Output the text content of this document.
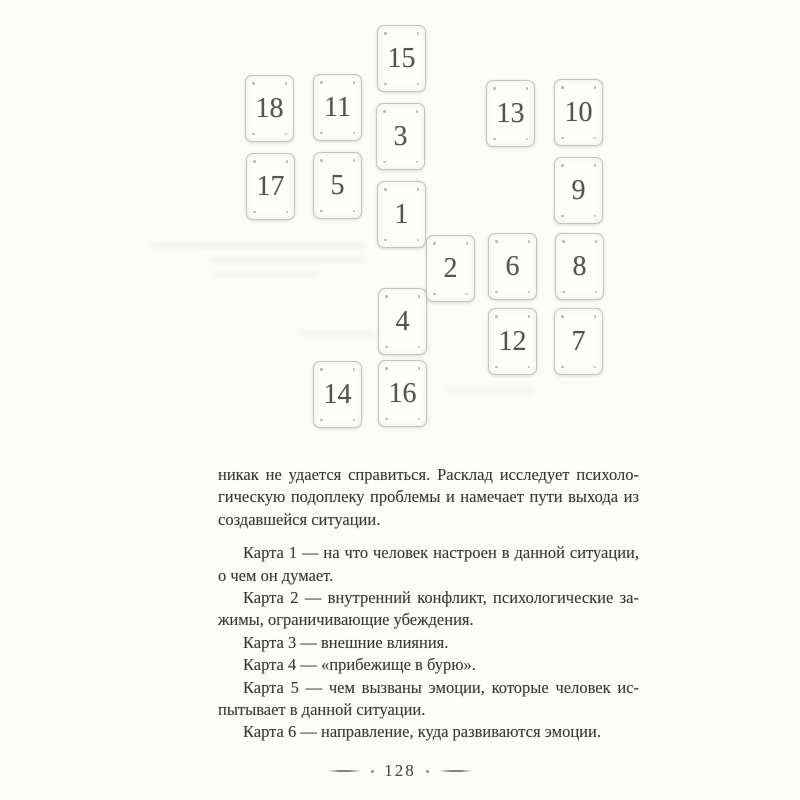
15
18 11	13 10
3
17 5	9
1
4
2 6 8
12 7
14 16
никак не удается справиться. Расклад исследует психоло-
гическую подоплеку проблемы и намечает пути выхода из
создавшейся ситуации.
Карта 1 — на что человек настроен в данной ситуации,
о чем он думает.
Карта 2 — внутренний конфликт, психологические за-
жимы, ограничивающие убеждения.
Карта 3 — внешние влияния.
Карта 4 — «прибежище в бурю».
Карта 5 — чем вызваны эмоции, которые человек ис-
пытывает в данной ситуации.
Карта 6 — направление, куда развиваются эмоции.
128
